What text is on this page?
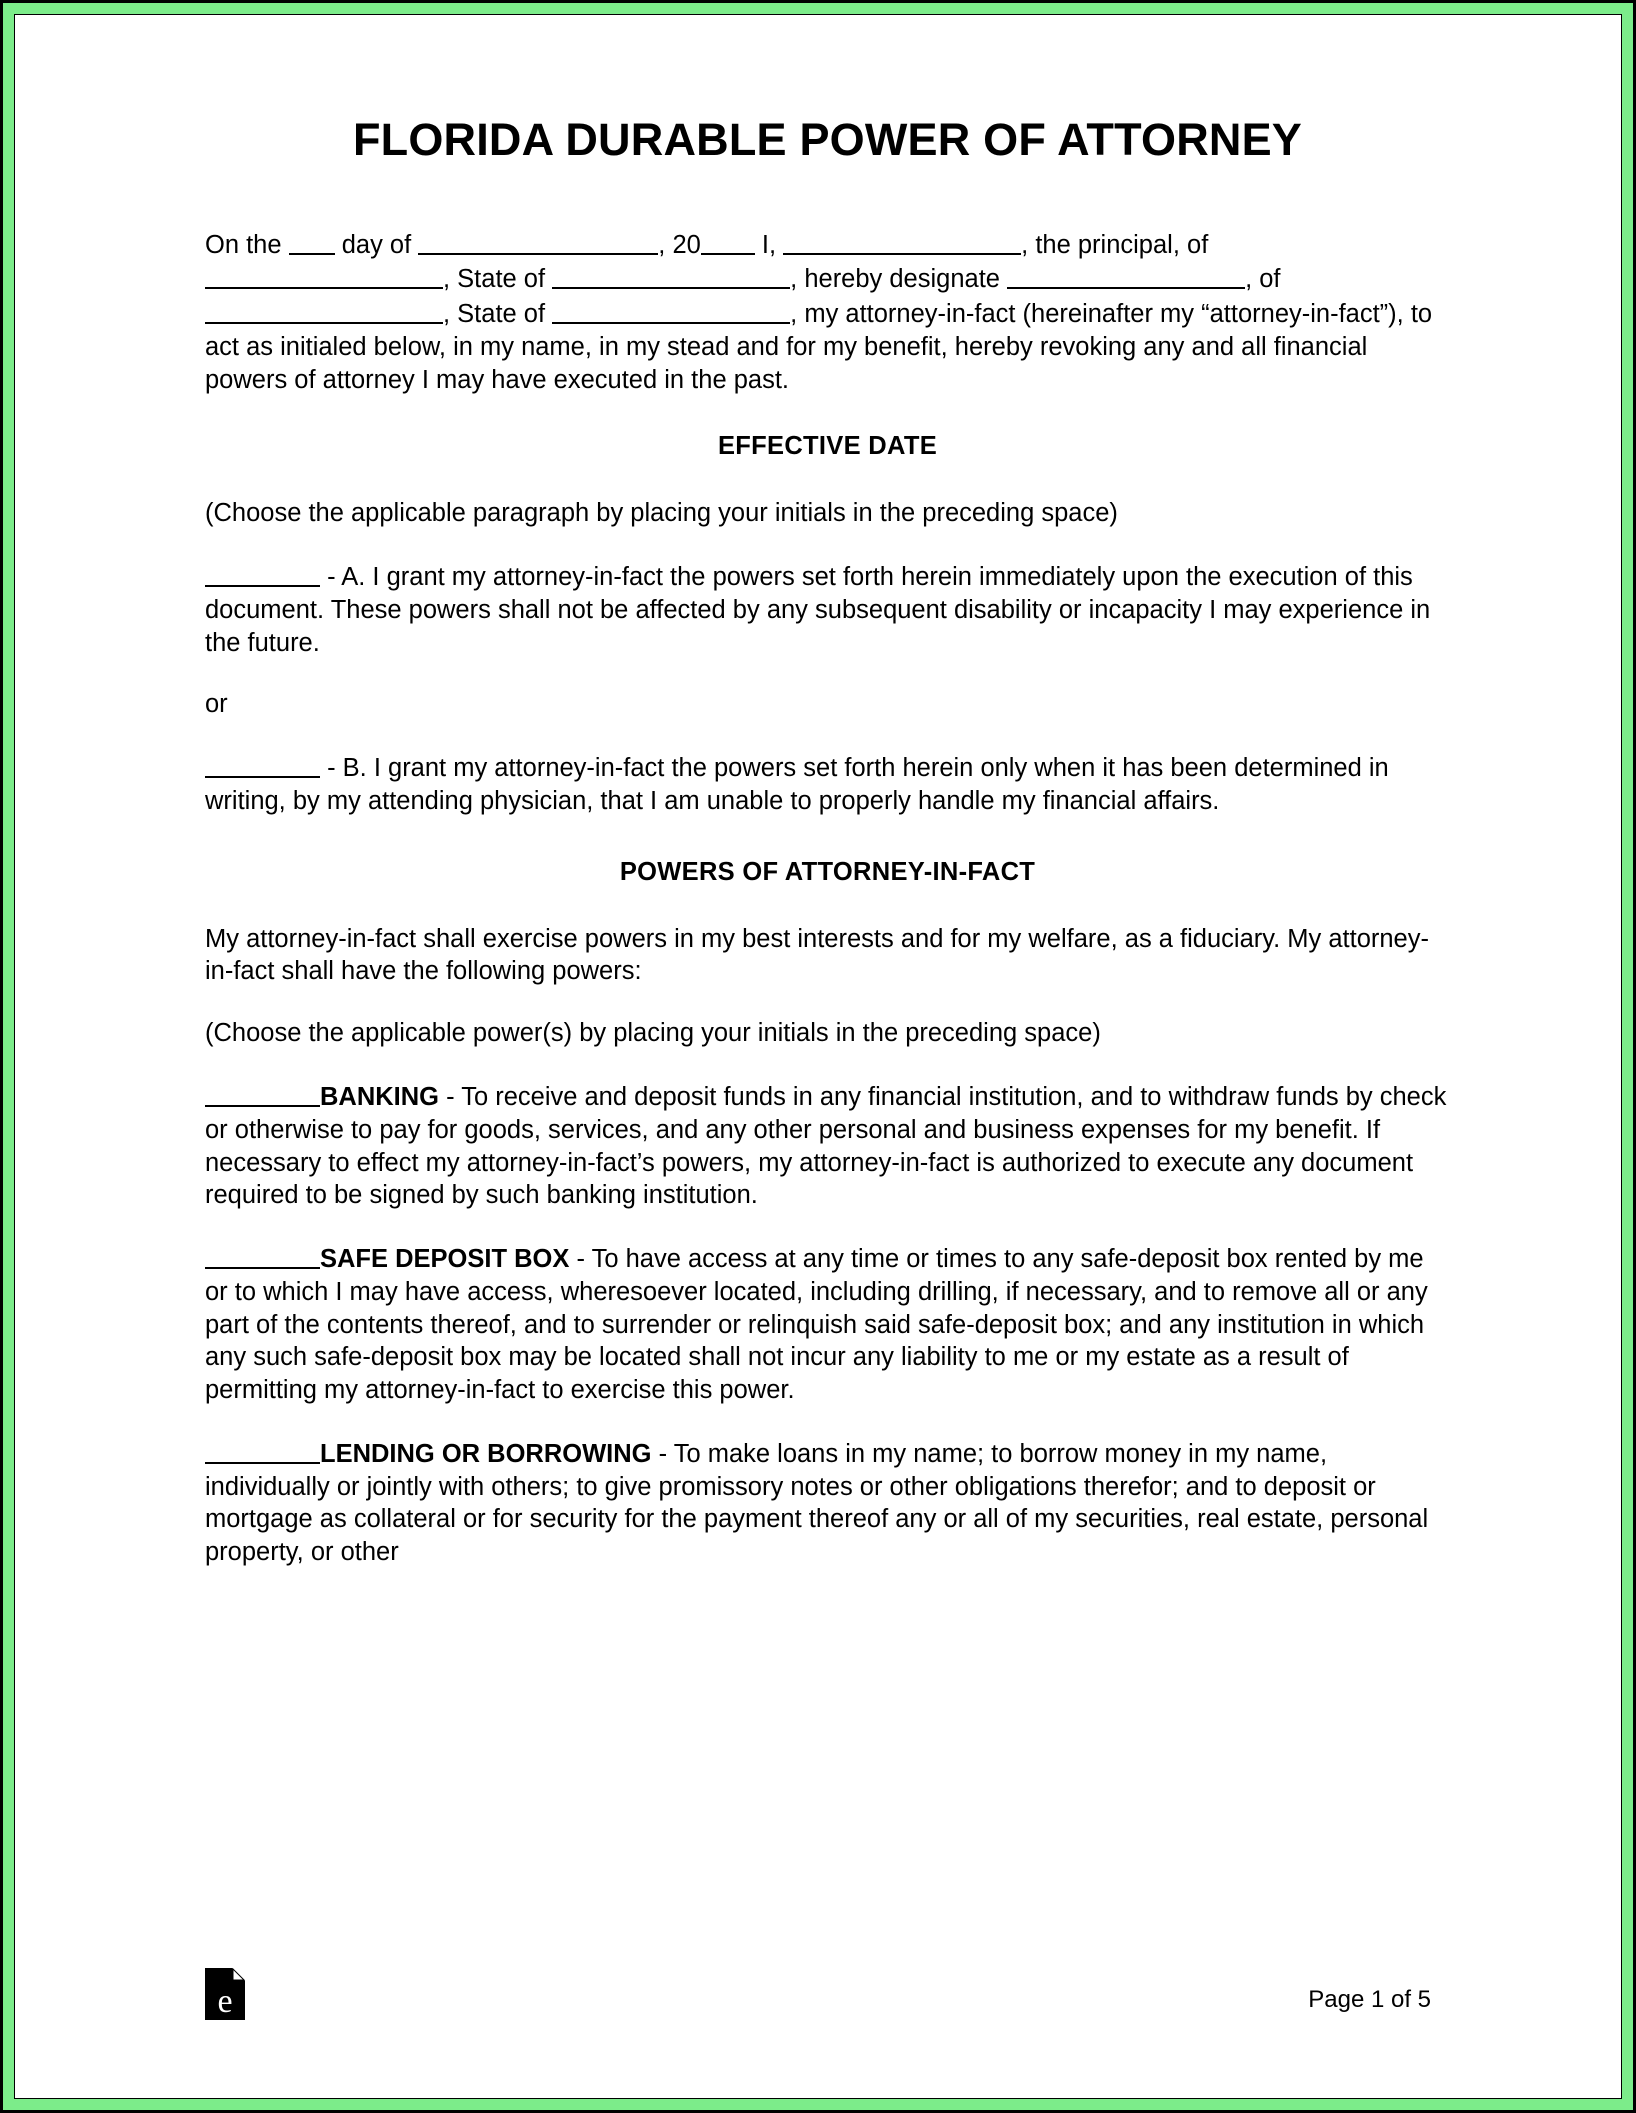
FLORIDA DURABLE POWER OF ATTORNEY

On the  day of	, 20 I,	, the principal, of , State of	, hereby designate	, of , State of	, my attorney-in-fact (hereinafter my “attorney-in-fact”), to act as initialed below, in my name, in my stead and for my benefit, hereby revoking any and all financial powers of attorney I may have executed in the past.

EFFECTIVE DATE

(Choose the applicable paragraph by placing your initials in the preceding space)

- A. I grant my attorney-in-fact the powers set forth herein immediately upon the execution of this document. These powers shall not be affected by any subsequent disability or incapacity I may experience in the future.

or

- B. I grant my attorney-in-fact the powers set forth herein only when it has been determined in writing, by my attending physician, that I am unable to properly handle my financial affairs.

POWERS OF ATTORNEY-IN-FACT

My attorney-in-fact shall exercise powers in my best interests and for my welfare, as a fiduciary. My attorney-in-fact shall have the following powers:

(Choose the applicable power(s) by placing your initials in the preceding space)

BANKING - To receive and deposit funds in any financial institution, and to withdraw funds by check or otherwise to pay for goods, services, and any other personal and business expenses for my benefit. If necessary to effect my attorney-in-fact’s powers, my attorney-in-fact is authorized to execute any document required to be signed by such banking institution.

SAFE DEPOSIT BOX - To have access at any time or times to any safe-deposit box rented by me or to which I may have access, wheresoever located, including drilling, if necessary, and to remove all or any part of the contents thereof, and to surrender or relinquish said safe-deposit box; and any institution in which any such safe-deposit box may be located shall not incur any liability to me or my estate as a result of permitting my attorney-in-fact to exercise this power.

LENDING OR BORROWING - To make loans in my name; to borrow money in my name, individually or jointly with others; to give promissory notes or other obligations therefor; and to deposit or mortgage as collateral or for security for the payment thereof any or all of my securities, real estate, personal property, or other

e	Page 1 of 5
